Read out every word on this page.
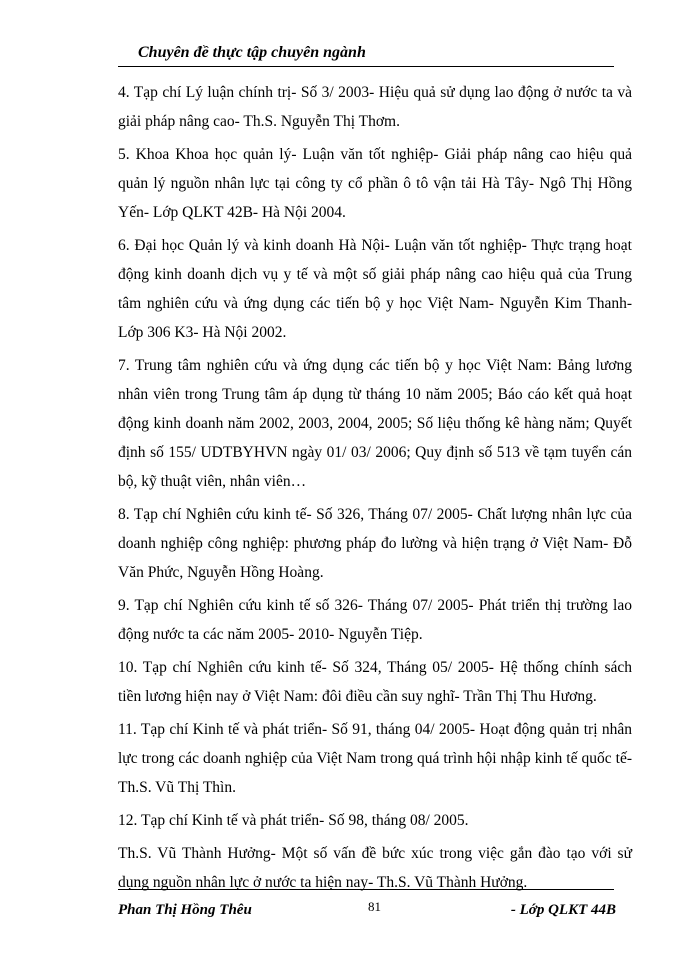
Chuyên đề thực tập chuyên ngành

4. Tạp chí Lý luận chính trị- Số 3/ 2003- Hiệu quả sử dụng lao động ở nước ta và giải pháp nâng cao- Th.S. Nguyễn Thị Thơm.

5. Khoa Khoa học quản lý- Luận văn tốt nghiệp- Giải pháp nâng cao hiệu quả quản lý nguồn nhân lực tại công ty cổ phần ô tô vận tải Hà Tây- Ngô Thị Hồng Yến- Lớp QLKT 42B- Hà Nội 2004.

6. Đại học Quản lý và kinh doanh Hà Nội- Luận văn tốt nghiệp- Thực trạng hoạt động kinh doanh dịch vụ y tế và một số giải pháp nâng cao hiệu quả của Trung tâm nghiên cứu và ứng dụng các tiến bộ y học Việt Nam- Nguyễn Kim Thanh- Lớp 306 K3- Hà Nội 2002.

7. Trung tâm nghiên cứu và ứng dụng các tiến bộ y học Việt Nam: Bảng lương nhân viên trong Trung tâm áp dụng từ tháng 10 năm 2005; Báo cáo kết quả hoạt động kinh doanh năm 2002, 2003, 2004, 2005; Số liệu thống kê hàng năm; Quyết định số 155/ UDTBYHVN ngày 01/ 03/ 2006; Quy định số 513 về tạm tuyển cán bộ, kỹ thuật viên, nhân viên…

8. Tạp chí Nghiên cứu kinh tế- Số 326, Tháng 07/ 2005- Chất lượng nhân lực của doanh nghiệp công nghiệp: phương pháp đo lường và hiện trạng ở Việt Nam- Đỗ Văn Phức, Nguyễn Hồng Hoàng.

9. Tạp chí Nghiên cứu kinh tế số 326- Tháng 07/ 2005- Phát triển thị trường lao động nước ta các năm 2005- 2010- Nguyễn Tiệp.

10. Tạp chí Nghiên cứu kinh tế- Số 324, Tháng 05/ 2005- Hệ thống chính sách tiền lương hiện nay ở Việt Nam: đôi điều cần suy nghĩ- Trần Thị Thu Hương.

11. Tạp chí Kinh tế và phát triển- Số 91, tháng 04/ 2005- Hoạt động quản trị nhân lực trong các doanh nghiệp của Việt Nam trong quá trình hội nhập kinh tế quốc tế- Th.S. Vũ Thị Thìn.

12. Tạp chí Kinh tế và phát triển- Số 98, tháng 08/ 2005.

Th.S. Vũ Thành Hưởng- Một số vấn đề bức xúc trong việc gắn đào tạo với sử dụng nguồn nhân lực ở nước ta hiện nay- Th.S. Vũ Thành Hưởng.

Phan Thị Hồng Thêu	81	- Lớp QLKT 44B
